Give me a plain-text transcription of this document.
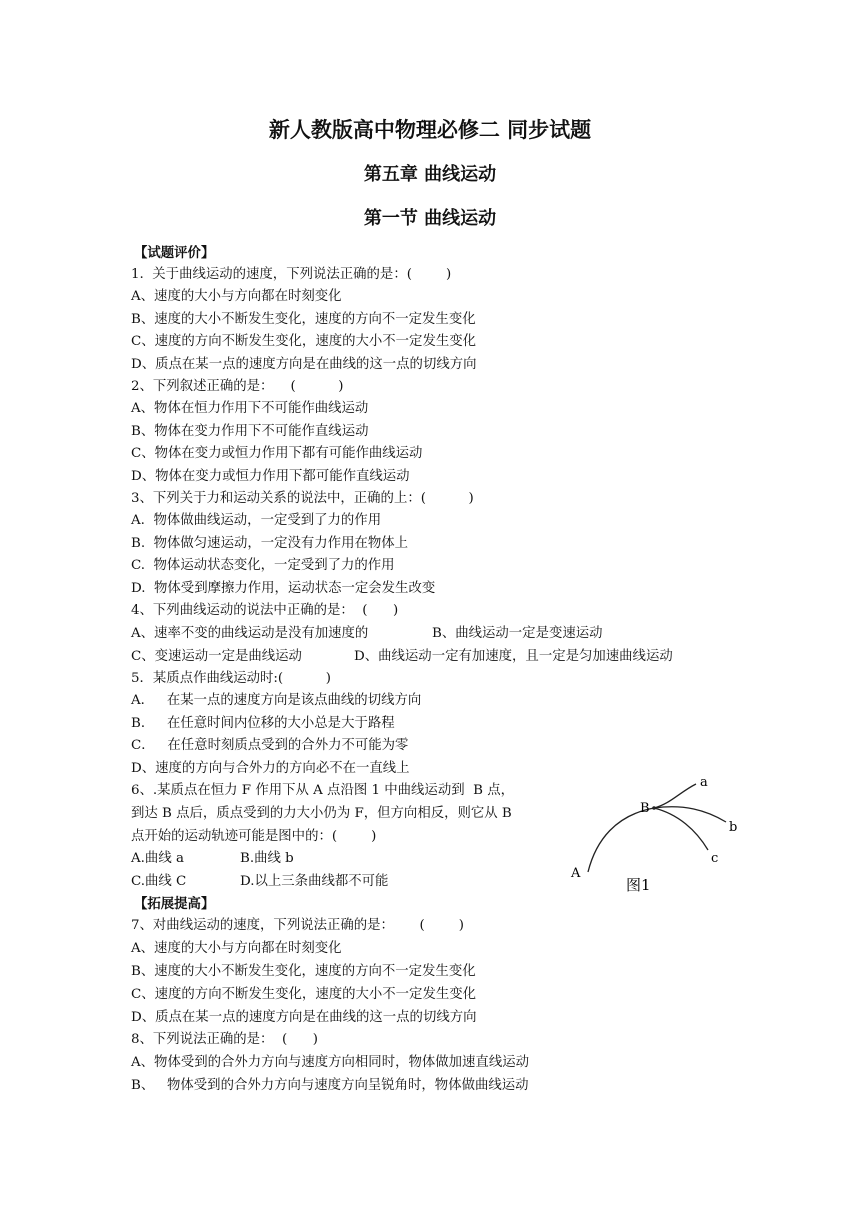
新人教版高中物理必修二 同步试题
第五章 曲线运动
第一节 曲线运动
【试题评价】
1.  关于曲线运动的速度，下列说法正确的是：(        )
A、速度的大小与方向都在时刻变化
B、速度的大小不断发生变化，速度的方向不一定发生变化
C、速度的方向不断发生变化，速度的大小不一定发生变化
D、质点在某一点的速度方向是在曲线的这一点的切线方向
2、下列叙述正确的是：    (          )
A、物体在恒力作用下不可能作曲线运动
B、物体在变力作用下不可能作直线运动
C、物体在变力或恒力作用下都有可能作曲线运动
D、物体在变力或恒力作用下都可能作直线运动
3、下列关于力和运动关系的说法中，正确的上：(          )
A.  物体做曲线运动，一定受到了力的作用
B.  物体做匀速运动，一定没有力作用在物体上
C.  物体运动状态变化，一定受到了力的作用
D.  物体受到摩擦力作用，运动状态一定会发生改变
4、下列曲线运动的说法中正确的是：  (      )
A、速率不变的曲线运动是没有加速度的	B、曲线运动一定是变速运动
C、变速运动一定是曲线运动	D、曲线运动一定有加速度，且一定是匀加速曲线运动
5．某质点作曲线运动时:(          )
A．   在某一点的速度方向是该点曲线的切线方向
B．   在任意时间内位移的大小总是大于路程
C．   在任意时刻质点受到的合外力不可能为零
D、速度的方向与合外力的方向必不在一直线上
6、.某质点在恒力 F 作用下从 A 点沿图 1 中曲线运动到  B 点，
到达 B 点后，质点受到的力大小仍为 F，但方向相反，则它从 B
点开始的运动轨迹可能是图中的：(        )
A.曲线 a	B.曲线 b
C.曲线 C	D.以上三条曲线都不可能
a
b
c
A
B
图1
【拓展提高】
7、对曲线运动的速度，下列说法正确的是：      (        )
A、速度的大小与方向都在时刻变化
B、速度的大小不断发生变化，速度的方向不一定发生变化
C、速度的方向不断发生变化，速度的大小不一定发生变化
D、质点在某一点的速度方向是在曲线的这一点的切线方向
8、下列说法正确的是：  (      )
A、物体受到的合外力方向与速度方向相同时，物体做加速直线运动
B、   物体受到的合外力方向与速度方向呈锐角时，物体做曲线运动
